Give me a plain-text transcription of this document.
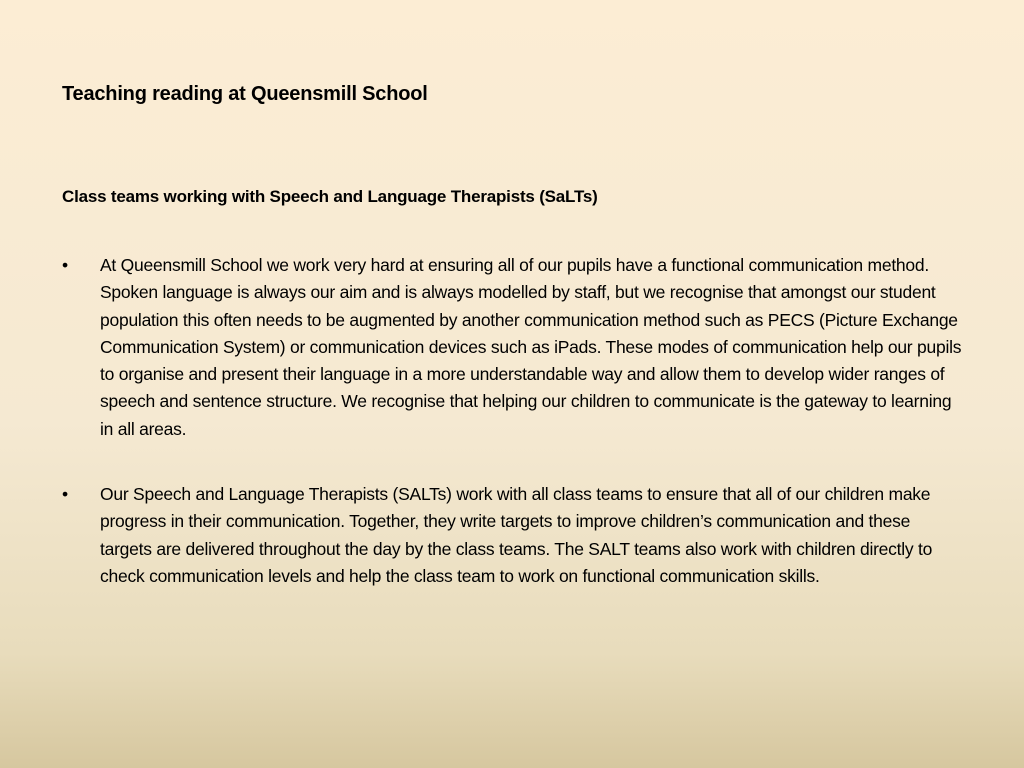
Teaching reading at Queensmill School
Class teams working with Speech and Language Therapists (SaLTs)
•	At Queensmill School we work very hard at ensuring all of our pupils have a functional communication method. Spoken language is always our aim and is always modelled by staff, but we recognise that amongst our student population this often needs to be augmented by another communication method such as PECS (Picture Exchange Communication System) or communication devices such as iPads. These modes of communication help our pupils to organise and present their language in a more understandable way and allow them to develop wider ranges of speech and sentence structure. We recognise that helping our children to communicate is the gateway to learning in all areas.
•	Our Speech and Language Therapists (SALTs) work with all class teams to ensure that all of our children make progress in their communication. Together, they write targets to improve children’s communication and these targets are delivered throughout the day by the class teams. The SALT teams also work with children directly to check communication levels and help the class team to work on functional communication skills.
